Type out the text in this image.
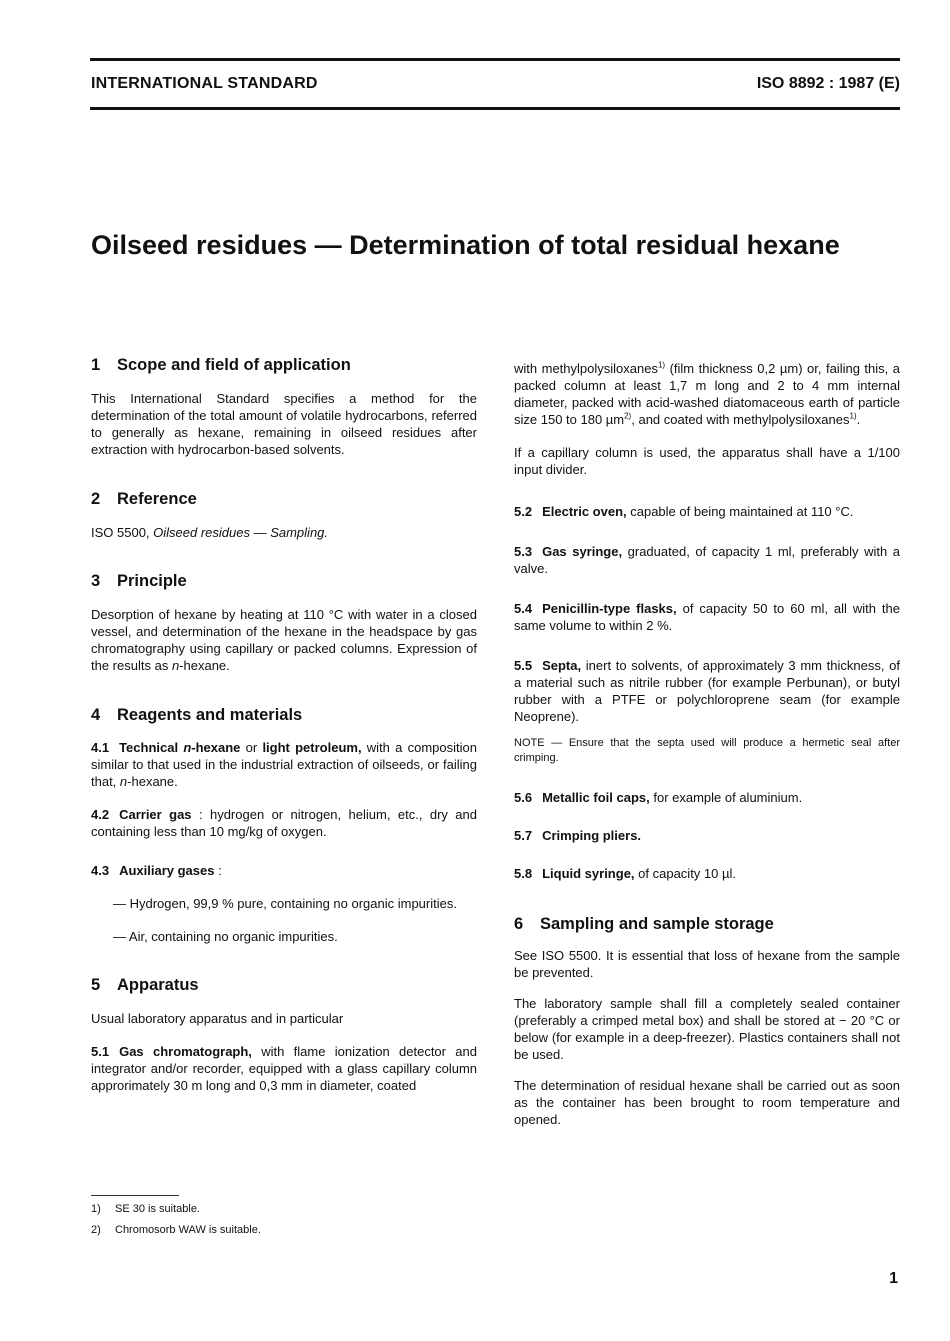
INTERNATIONAL STANDARD	ISO 8892 : 1987 (E)
Oilseed residues — Determination of total residual hexane
1 Scope and field of application

This International Standard specifies a method for the determination of the total amount of volatile hydrocarbons, referred to generally as hexane, remaining in oilseed residues after extraction with hydrocarbon-based solvents.

2 Reference

ISO 5500, Oilseed residues — Sampling.

3 Principle

Desorption of hexane by heating at 110 °C with water in a closed vessel, and determination of the hexane in the headspace by gas chromatography using capillary or packed columns. Expression of the results as n-hexane.

4 Reagents and materials

4.1 Technical n-hexane or light petroleum, with a composition similar to that used in the industrial extraction of oilseeds, or failing that, n-hexane.

4.2 Carrier gas : hydrogen or nitrogen, helium, etc., dry and containing less than 10 mg/kg of oxygen.

4.3 Auxiliary gases :

— Hydrogen, 99,9 % pure, containing no organic impurities.

— Air, containing no organic impurities.

5 Apparatus

Usual laboratory apparatus and in particular

5.1 Gas chromatograph, with flame ionization detector and integrator and/or recorder, equipped with a glass capillary column approrimately 30 m long and 0,3 mm in diameter, coated

with methylpolysiloxanes$^{1)}$ (film thickness 0,2 µm) or, failing this, a packed column at least 1,7 m long and 2 to 4 mm internal diameter, packed with acid-washed diatomaceous earth of particle size 150 to 180 µm$^{2)}$, and coated with methylpolysiloxanes$^{1)}$.

If a capillary column is used, the apparatus shall have a 1/100 input divider.

5.2 Electric oven, capable of being maintained at 110 °C.

5.3 Gas syringe, graduated, of capacity 1 ml, preferably with a valve.

5.4 Penicillin-type flasks, of capacity 50 to 60 ml, all with the same volume to within 2 %.

5.5 Septa, inert to solvents, of approximately 3 mm thickness, of a material such as nitrile rubber (for example Perbunan), or butyl rubber with a PTFE or polychloroprene seam (for example Neoprene).

NOTE — Ensure that the septa used will produce a hermetic seal after crimping.

5.6 Metallic foil caps, for example of aluminium.

5.7 Crimping pliers.

5.8 Liquid syringe, of capacity 10 µl.

6 Sampling and sample storage

See ISO 5500. It is essential that loss of hexane from the sample be prevented.

The laboratory sample shall fill a completely sealed container (preferably a crimped metal box) and shall be stored at − 20 °C or below (for example in a deep-freezer). Plastics containers shall not be used.

The determination of residual hexane shall be carried out as soon as the container has been brought to room temperature and opened.

1) SE 30 is suitable.
2) Chromosorb WAW is suitable.
1
